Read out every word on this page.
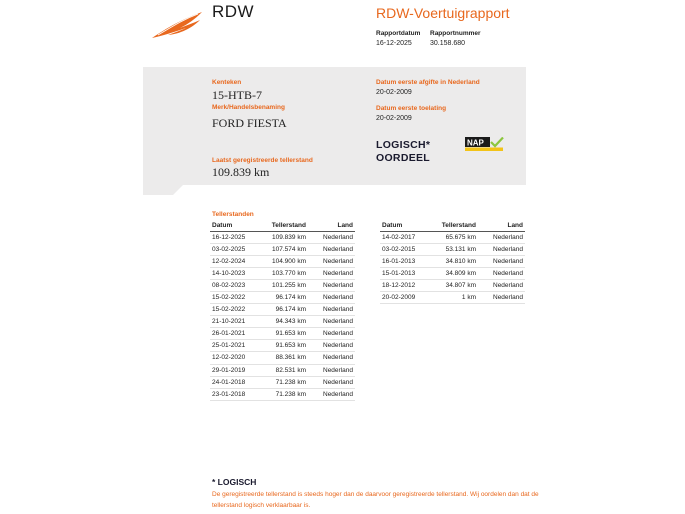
RDW	RDW-Voertuigrapport
Rapportdatum Rapportnummer
16-12-2025	30.158.680
Kenteken
15-HTB-7
Merk/Handelsbenaming
FORD FIESTA
Laatst geregistreerde tellerstand
109.839 km
Datum eerste afgifte in Nederland
20-02-2009
Datum eerste toelating
20-02-2009
LOGISCH*
OORDEEL
NAP
Tellerstanden
Datum	Tellerstand	Land
16-12-2025	109.839 km	Nederland
03-02-2025	107.574 km	Nederland
12-02-2024	104.900 km	Nederland
14-10-2023	103.770 km	Nederland
08-02-2023	101.255 km	Nederland
15-02-2022	96.174 km	Nederland
15-02-2022	96.174 km	Nederland
21-10-2021	94.343 km	Nederland
26-01-2021	91.653 km	Nederland
25-01-2021	91.653 km	Nederland
12-02-2020	88.361 km	Nederland
29-01-2019	82.531 km	Nederland
24-01-2018	71.238 km	Nederland
23-01-2018	71.238 km	Nederland
Datum	Tellerstand	Land
14-02-2017	65.675 km	Nederland
03-02-2015	53.131 km	Nederland
16-01-2013	34.810 km	Nederland
15-01-2013	34.809 km	Nederland
18-12-2012	34.807 km	Nederland
20-02-2009	1 km	Nederland
* LOGISCH
De geregistreerde tellerstand is steeds hoger dan de daarvoor geregistreerde tellerstand. Wij oordelen dan dat de tellerstand logisch verklaarbaar is.
